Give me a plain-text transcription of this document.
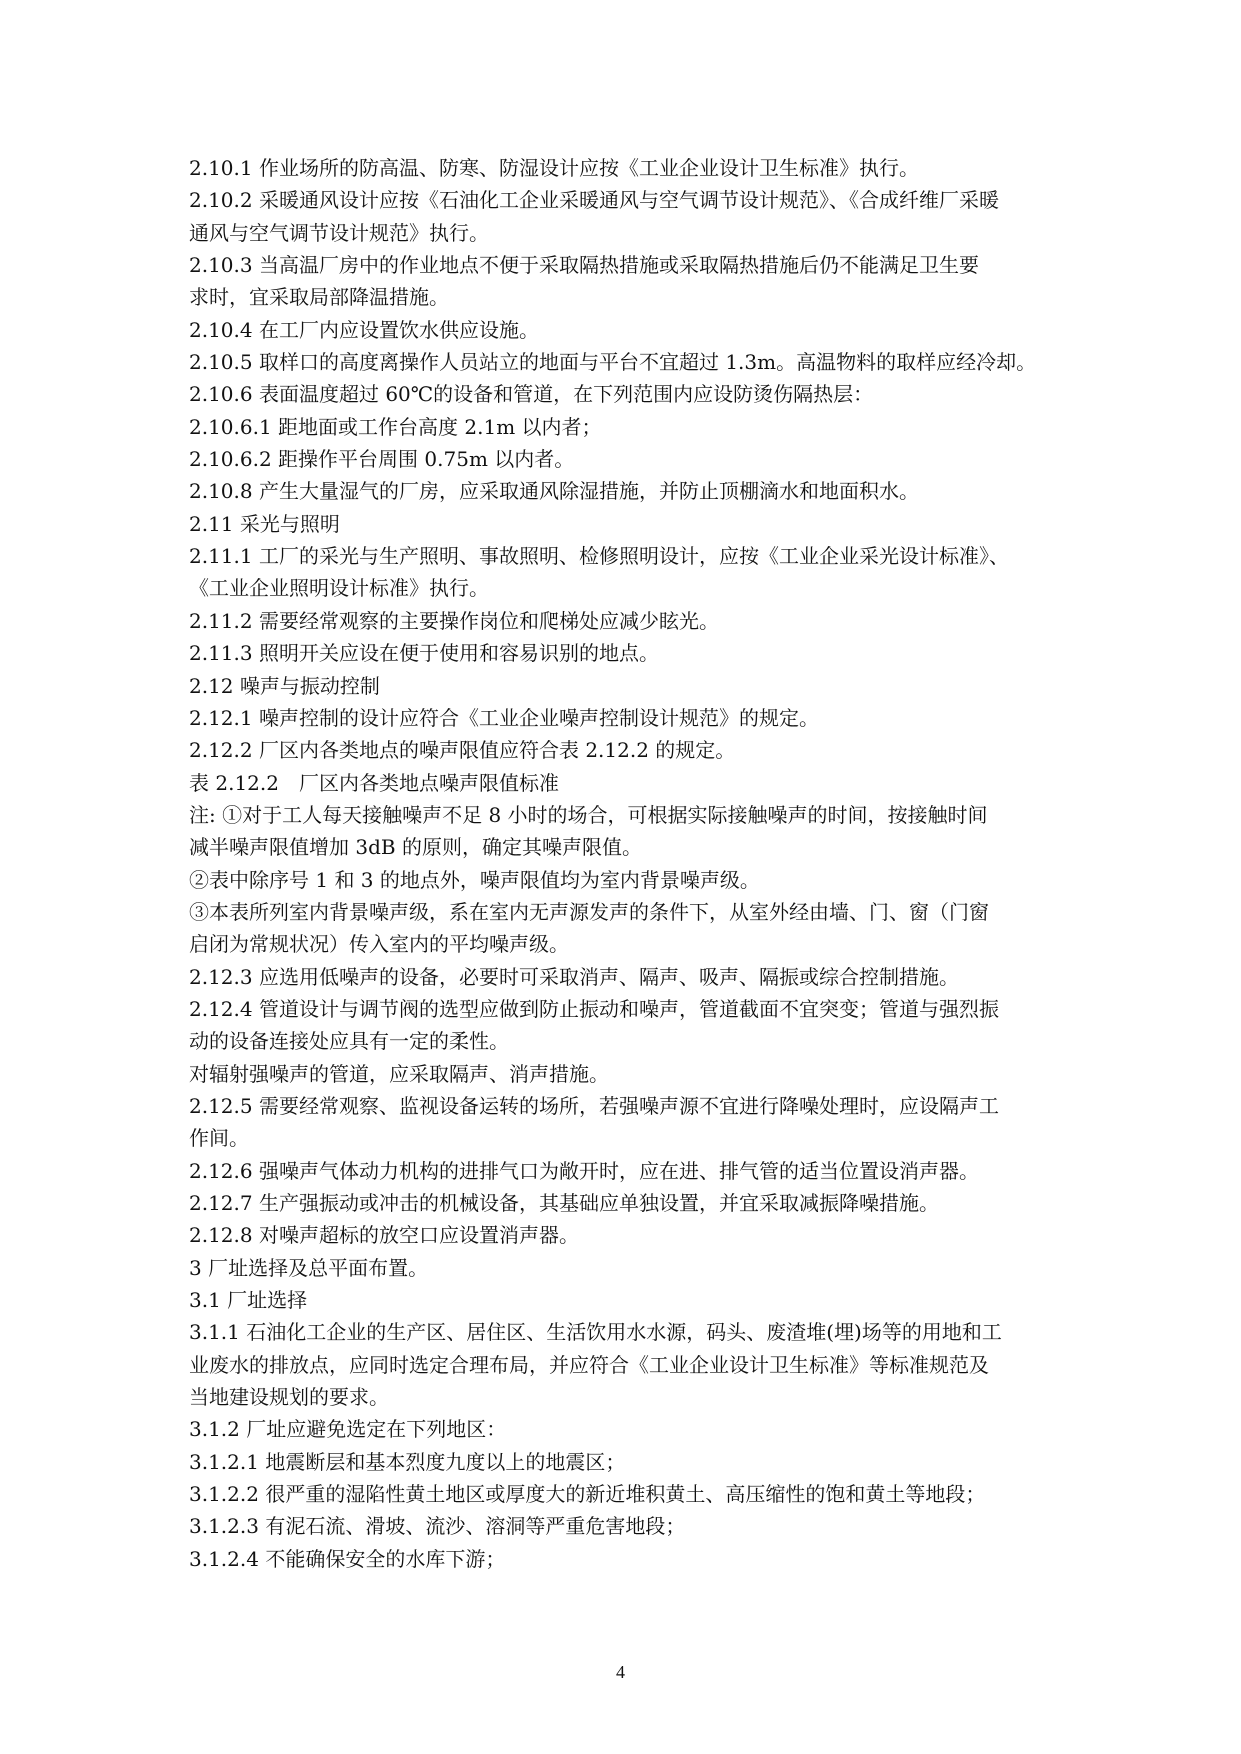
2.10.1 作业场所的防高温、防寒、防湿设计应按《工业企业设计卫生标准》执行。
2.10.2 采暖通风设计应按《石油化工企业采暖通风与空气调节设计规范》、《合成纤维厂采暖
通风与空气调节设计规范》执行。
2.10.3 当高温厂房中的作业地点不便于采取隔热措施或采取隔热措施后仍不能满足卫生要
求时，宜采取局部降温措施。
2.10.4 在工厂内应设置饮水供应设施。
2.10.5 取样口的高度离操作人员站立的地面与平台不宜超过 1.3m。高温物料的取样应经冷却。
2.10.6 表面温度超过 60℃的设备和管道，在下列范围内应设防烫伤隔热层：
2.10.6.1 距地面或工作台高度 2.1m 以内者；
2.10.6.2 距操作平台周围 0.75m 以内者。
2.10.8 产生大量湿气的厂房，应采取通风除湿措施，并防止顶棚滴水和地面积水。
2.11 采光与照明
2.11.1 工厂的采光与生产照明、事故照明、检修照明设计，应按《工业企业采光设计标准》、
《工业企业照明设计标准》执行。
2.11.2 需要经常观察的主要操作岗位和爬梯处应减少眩光。
2.11.3 照明开关应设在便于使用和容易识别的地点。
2.12 噪声与振动控制
2.12.1 噪声控制的设计应符合《工业企业噪声控制设计规范》的规定。
2.12.2 厂区内各类地点的噪声限值应符合表 2.12.2 的规定。
表 2.12.2　厂区内各类地点噪声限值标准
注: ①对于工人每天接触噪声不足 8 小时的场合，可根据实际接触噪声的时间，按接触时间
减半噪声限值增加 3dB 的原则，确定其噪声限值。
②表中除序号 1 和 3 的地点外，噪声限值均为室内背景噪声级。
③本表所列室内背景噪声级，系在室内无声源发声的条件下，从室外经由墙、门、窗（门窗
启闭为常规状况）传入室内的平均噪声级。
2.12.3 应选用低噪声的设备，必要时可采取消声、隔声、吸声、隔振或综合控制措施。
2.12.4 管道设计与调节阀的选型应做到防止振动和噪声，管道截面不宜突变；管道与强烈振
动的设备连接处应具有一定的柔性。
对辐射强噪声的管道，应采取隔声、消声措施。
2.12.5 需要经常观察、监视设备运转的场所，若强噪声源不宜进行降噪处理时，应设隔声工
作间。
2.12.6 强噪声气体动力机构的进排气口为敞开时，应在进、排气管的适当位置设消声器。
2.12.7 生产强振动或冲击的机械设备，其基础应单独设置，并宜采取减振降噪措施。
2.12.8 对噪声超标的放空口应设置消声器。
3 厂址选择及总平面布置。
3.1 厂址选择
3.1.1 石油化工企业的生产区、居住区、生活饮用水水源，码头、废渣堆(埋)场等的用地和工
业废水的排放点，应同时选定合理布局，并应符合《工业企业设计卫生标准》等标准规范及
当地建设规划的要求。
3.1.2 厂址应避免选定在下列地区：
3.1.2.1 地震断层和基本烈度九度以上的地震区；
3.1.2.2 很严重的湿陷性黄土地区或厚度大的新近堆积黄土、高压缩性的饱和黄土等地段；
3.1.2.3 有泥石流、滑坡、流沙、溶洞等严重危害地段；
3.1.2.4 不能确保安全的水库下游；
4
